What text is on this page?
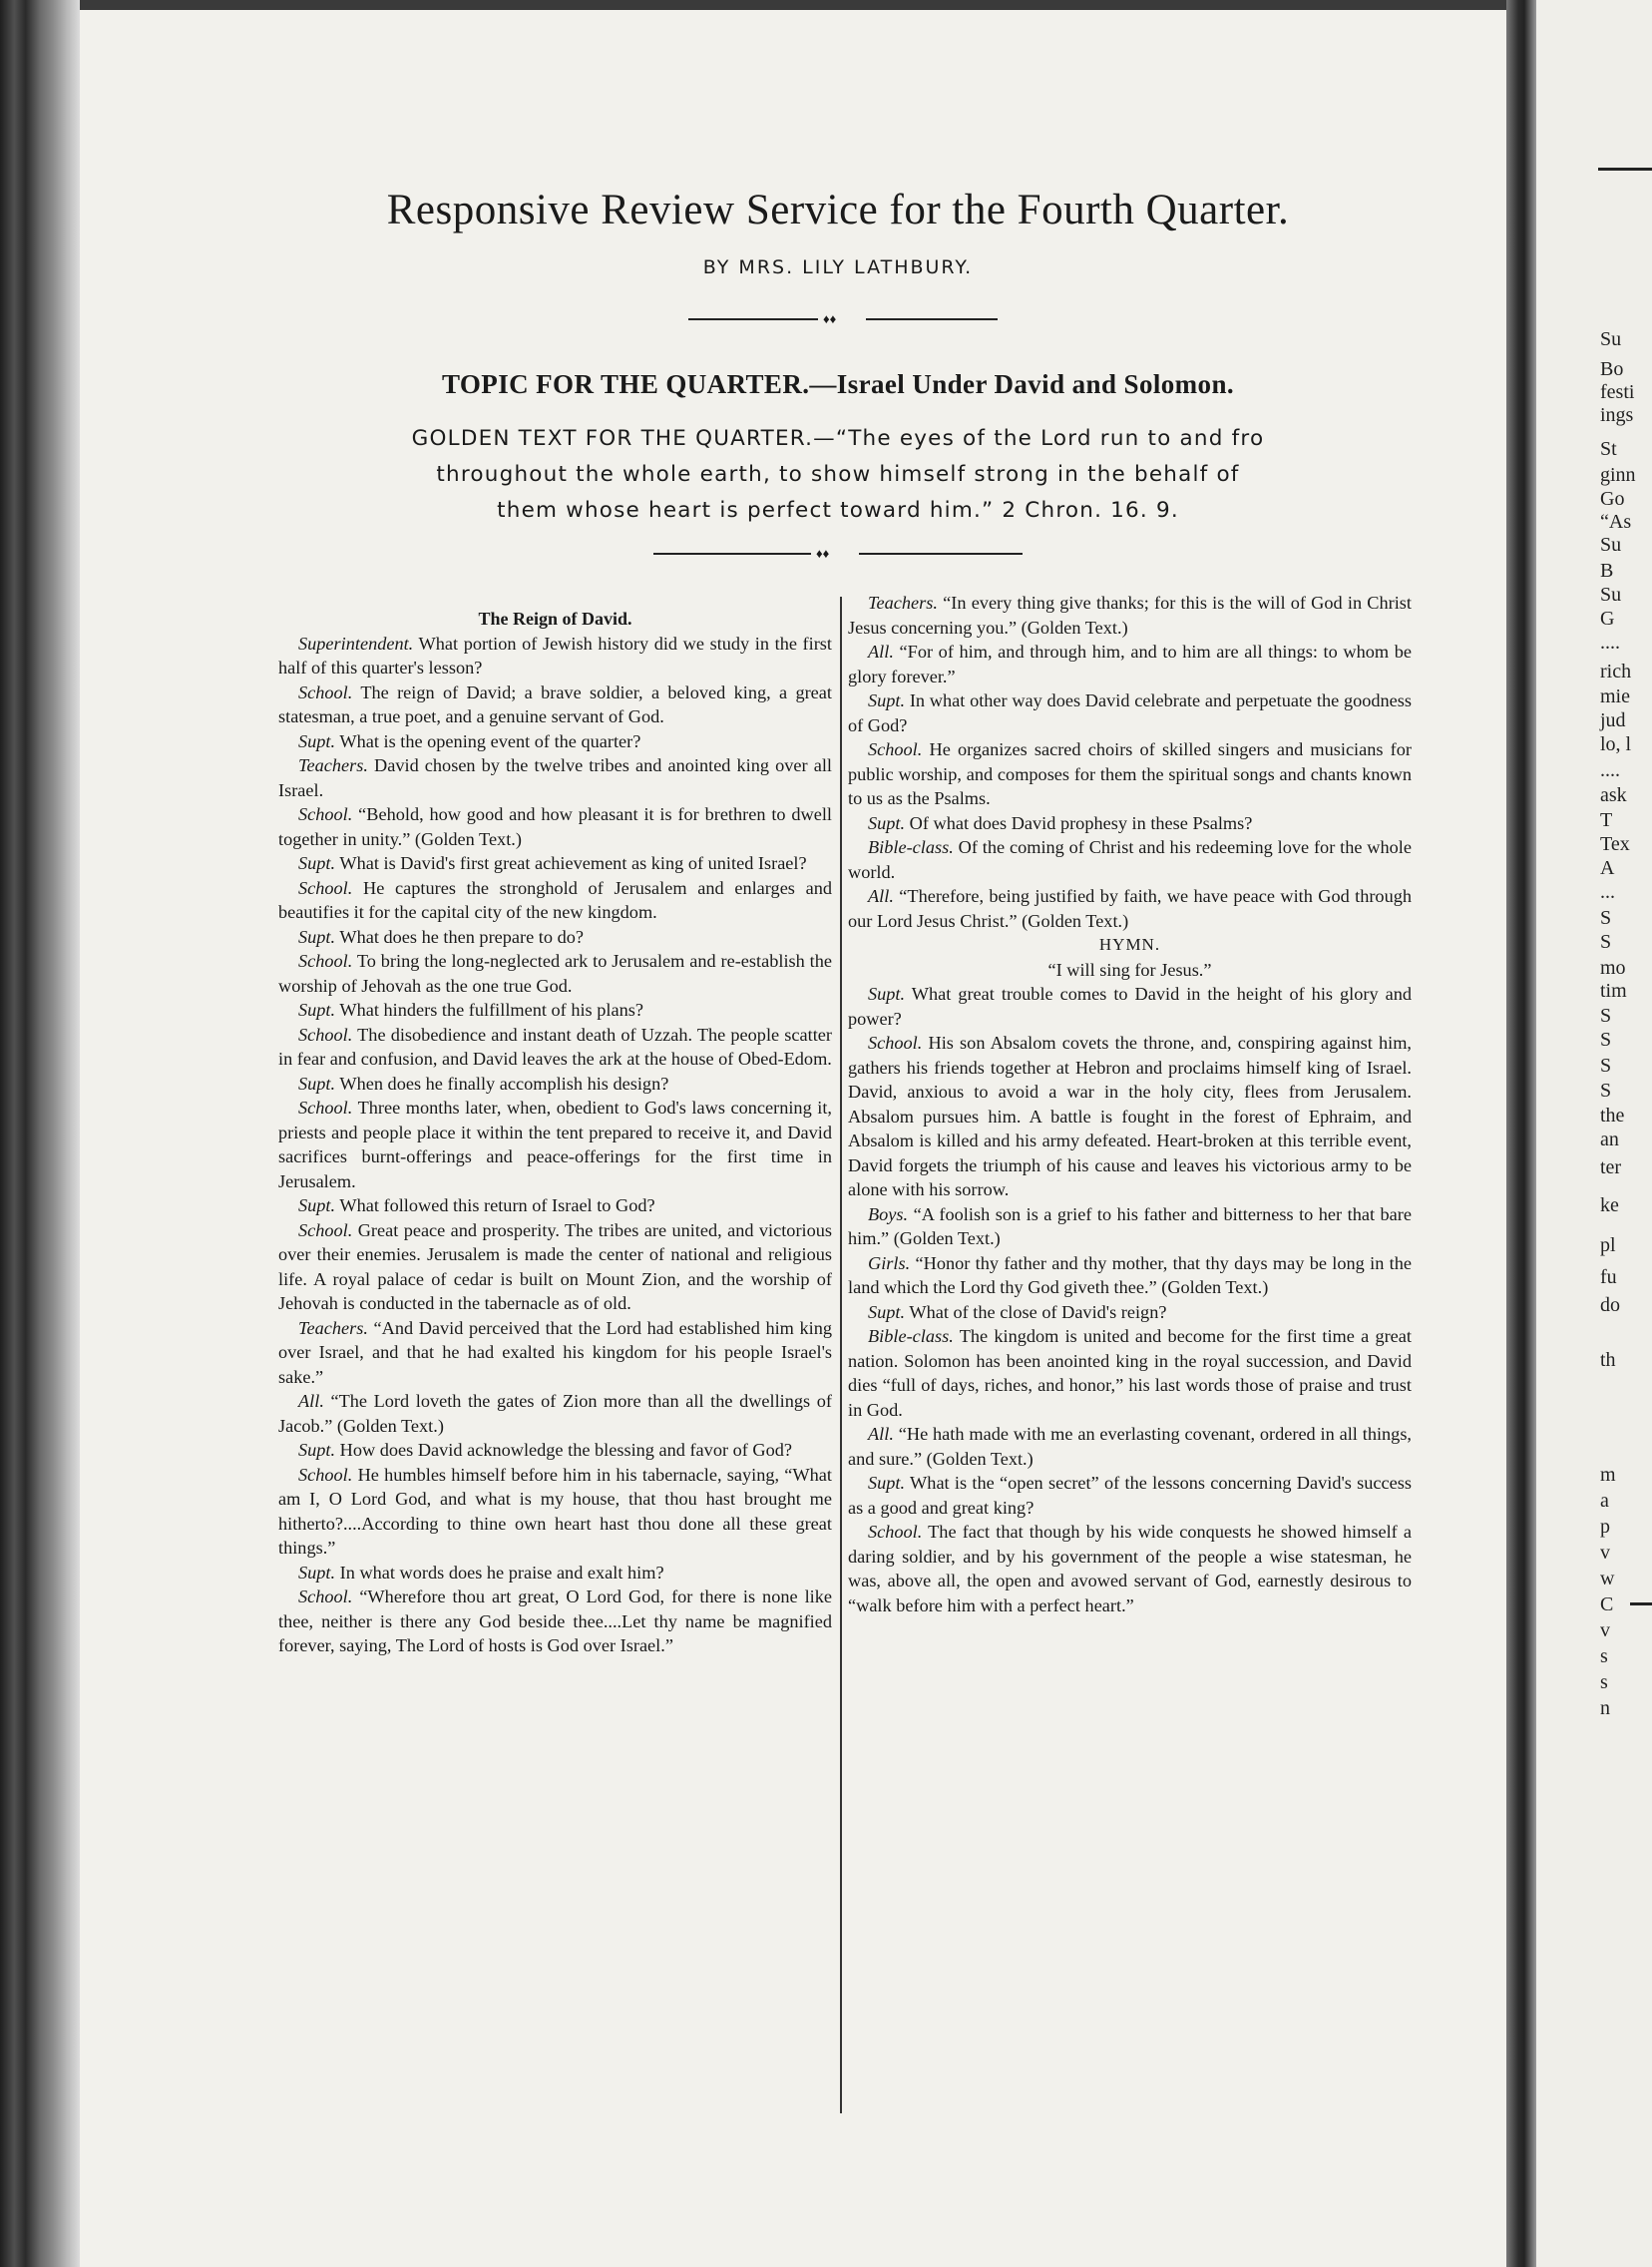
Su
Bo
festi
ings
St
ginn
Go
“As
Su
B
Su
G
....
rich
mie
jud
lo, l
....
ask
T
Tex
A
...
S
S
mo
tim
S
S
S
S
the
an
ter
ke
pl
fu
do
th
m
a
p
v
w
C
v
s
s
n
Responsive Review Service for the Fourth Quarter.
BY MRS. LILY LATHBURY.
♦♦
TOPIC FOR THE QUARTER.—Israel Under David and Solomon.
GOLDEN TEXT FOR THE QUARTER.—“The eyes of the Lord run to and fro
throughout the whole earth, to show himself strong in the behalf of
them whose heart is perfect toward him.” 2 Chron. 16. 9.
♦♦

The Reign of David.

Superintendent. What portion of Jewish history did we study in the first half of this quarter's lesson?

School. The reign of David; a brave soldier, a beloved king, a great statesman, a true poet, and a genuine servant of God.

Supt. What is the opening event of the quarter?

Teachers. David chosen by the twelve tribes and anointed king over all Israel.

School. “Behold, how good and how pleasant it is for brethren to dwell together in unity.” (Golden Text.)

Supt. What is David's first great achievement as king of united Israel?

School. He captures the stronghold of Jerusalem and enlarges and beautifies it for the capital city of the new kingdom.

Supt. What does he then prepare to do?

School. To bring the long-neglected ark to Jerusalem and re-establish the worship of Jehovah as the one true God.

Supt. What hinders the fulfillment of his plans?

School. The disobedience and instant death of Uzzah. The people scatter in fear and confusion, and David leaves the ark at the house of Obed-Edom.

Supt. When does he finally accomplish his design?

School. Three months later, when, obedient to God's laws concerning it, priests and people place it within the tent prepared to receive it, and David sacrifices burnt-offerings and peace-offerings for the first time in Jerusalem.

Supt. What followed this return of Israel to God?

School. Great peace and prosperity. The tribes are united, and victorious over their enemies. Jerusalem is made the center of national and religious life. A royal palace of cedar is built on Mount Zion, and the worship of Jehovah is conducted in the tabernacle as of old.

Teachers. “And David perceived that the Lord had established him king over Israel, and that he had exalted his kingdom for his people Israel's sake.”

All. “The Lord loveth the gates of Zion more than all the dwellings of Jacob.” (Golden Text.)

Supt. How does David acknowledge the blessing and favor of God?

School. He humbles himself before him in his tabernacle, saying, “What am I, O Lord God, and what is my house, that thou hast brought me hitherto?....According to thine own heart hast thou done all these great things.”

Supt. In what words does he praise and exalt him?

School. “Wherefore thou art great, O Lord God, for there is none like thee, neither is there any God beside thee....Let thy name be magnified forever, saying, The Lord of hosts is God over Israel.”

Teachers. “In every thing give thanks; for this is the will of God in Christ Jesus concerning you.” (Golden Text.)

All. “For of him, and through him, and to him are all things: to whom be glory forever.”

Supt. In what other way does David celebrate and perpetuate the goodness of God?

School. He organizes sacred choirs of skilled singers and musicians for public worship, and composes for them the spiritual songs and chants known to us as the Psalms.

Supt. Of what does David prophesy in these Psalms?

Bible-class. Of the coming of Christ and his redeeming love for the whole world.

All. “Therefore, being justified by faith, we have peace with God through our Lord Jesus Christ.” (Golden Text.)

HYMN.

“I will sing for Jesus.”

Supt. What great trouble comes to David in the height of his glory and power?

School. His son Absalom covets the throne, and, conspiring against him, gathers his friends together at Hebron and proclaims himself king of Israel. David, anxious to avoid a war in the holy city, flees from Jerusalem. Absalom pursues him. A battle is fought in the forest of Ephraim, and Absalom is killed and his army defeated. Heart-broken at this terrible event, David forgets the triumph of his cause and leaves his victorious army to be alone with his sorrow.

Boys. “A foolish son is a grief to his father and bitterness to her that bare him.” (Golden Text.)

Girls. “Honor thy father and thy mother, that thy days may be long in the land which the Lord thy God giveth thee.” (Golden Text.)

Supt. What of the close of David's reign?

Bible-class. The kingdom is united and become for the first time a great nation. Solomon has been anointed king in the royal succession, and David dies “full of days, riches, and honor,” his last words those of praise and trust in God.

All. “He hath made with me an everlasting covenant, ordered in all things, and sure.” (Golden Text.)

Supt. What is the “open secret” of the lessons concerning David's success as a good and great king?

School. The fact that though by his wide conquests he showed himself a daring soldier, and by his government of the people a wise statesman, he was, above all, the open and avowed servant of God, earnestly desirous to “walk before him with a perfect heart.”
